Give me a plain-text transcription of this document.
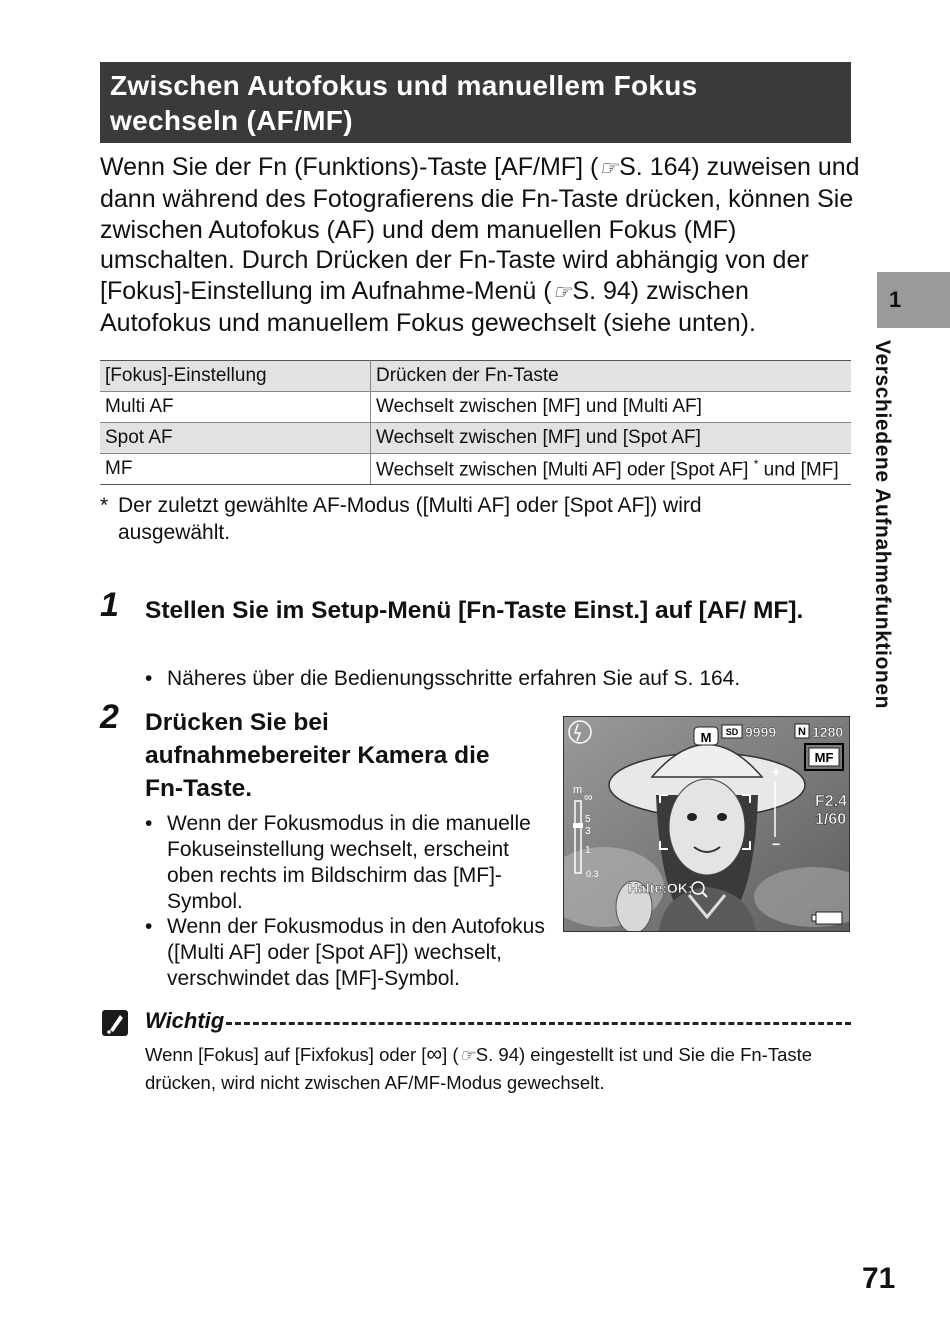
Zwischen Autofokus und manuellem Fokus
wechseln (AF/MF)
Wenn Sie der Fn (Funktions)-Taste [AF/MF] (☞S. 164) zuweisen und dann während des Fotografierens die Fn-Taste drücken, können Sie zwischen Autofokus (AF) und dem manuellen Fokus (MF) umschalten. Durch Drücken der Fn-Taste wird abhängig von der [Fokus]-Einstellung im Aufnahme-Menü (☞S. 94) zwischen Autofokus und manuellem Fokus gewechselt (siehe unten).
[Fokus]-Einstellung	Drücken der Fn-Taste
Multi AF	Wechselt zwischen [MF] und [Multi AF]
Spot AF	Wechselt zwischen [MF] und [Spot AF]
MF	Wechselt zwischen [Multi AF] oder [Spot AF] * und [MF]
* Der zuletzt gewählte AF-Modus ([Multi AF] oder [Spot AF]) wird ausgewählt.
1 Stellen Sie im Setup-Menü [Fn-Taste Einst.] auf [AF/ MF].
• Näheres über die Bedienungsschritte erfahren Sie auf S. 164.
2 Drücken Sie bei
aufnahmebereiter Kamera die
Fn-Taste.
• Wenn der Fokusmodus in die manuelle Fokuseinstellung wechselt, erscheint oben rechts im Bildschirm das [MF]-Symbol.
• Wenn der Fokusmodus in den Autofokus ([Multi AF] oder [Spot AF]) wechselt, verschwindet das [MF]-Symbol.
M SD 9999 N 1280
MF
+
−
F2.4
1/60
m ∞
5
3
1
0.3
Halte:OK:
1
Verschiedene Aufnahmefunktionen
Wichtig
Wenn [Fokus] auf [Fixfokus] oder [∞] (☞S. 94) eingestellt ist und Sie die Fn-Taste drücken, wird nicht zwischen AF/MF-Modus gewechselt.
71
